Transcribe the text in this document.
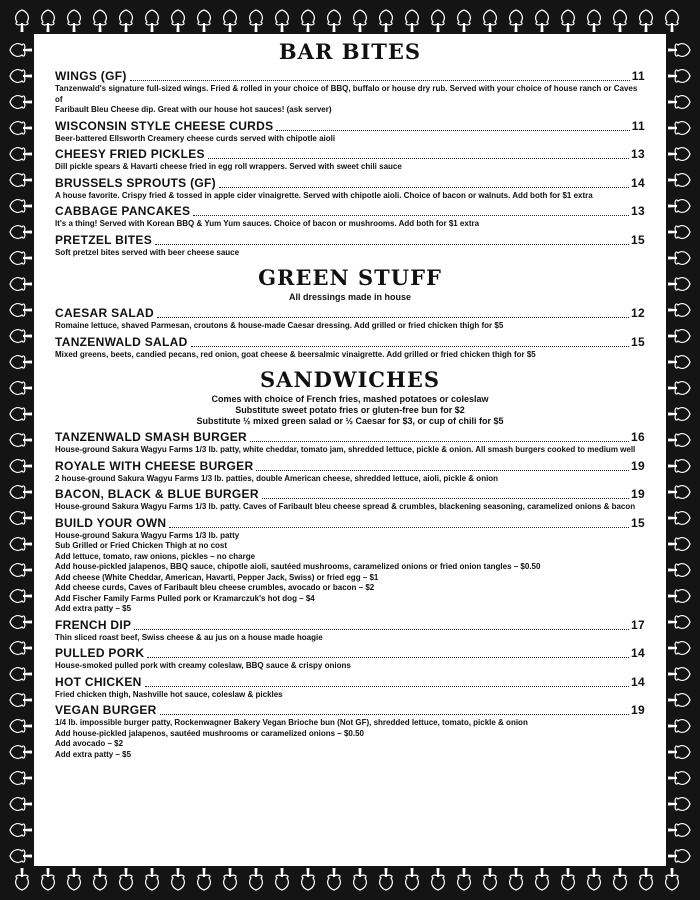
BAR BITES
WINGS (GF)	11
Tanzenwald's signature full-sized wings. Fried & rolled in your choice of BBQ, buffalo or house dry rub. Served with your choice of house ranch or Caves of
Faribault Bleu Cheese dip. Great with our house hot sauces! (ask server)
WISCONSIN STYLE CHEESE CURDS	11
Beer-battered Ellsworth Creamery cheese curds served with chipotle aioli
CHEESY FRIED PICKLES	13
Dill pickle spears & Havarti cheese fried in egg roll wrappers. Served with sweet chili sauce
BRUSSELS SPROUTS (GF)	14
A house favorite. Crispy fried & tossed in apple cider vinaigrette. Served with chipotle aioli. Choice of bacon or walnuts. Add both for $1 extra
CABBAGE PANCAKES	13
It's a thing! Served with Korean BBQ & Yum Yum sauces. Choice of bacon or mushrooms. Add both for $1 extra
PRETZEL BITES	15
Soft pretzel bites served with beer cheese sauce
GREEN STUFF
All dressings made in house
CAESAR SALAD	12
Romaine lettuce, shaved Parmesan, croutons & house-made Caesar dressing. Add grilled or fried chicken thigh for $5
TANZENWALD SALAD	15
Mixed greens, beets, candied pecans, red onion, goat cheese & beersalmic vinaigrette. Add grilled or fried chicken thigh for $5
SANDWICHES
Comes with choice of French fries, mashed potatoes or coleslaw
Substitute sweet potato fries or gluten-free bun for $2
Substitute ½ mixed green salad or ½ Caesar for $3, or cup of chili for $5
TANZENWALD SMASH BURGER	16
House-ground Sakura Wagyu Farms 1/3 lb. patty, white cheddar, tomato jam, shredded lettuce, pickle & onion. All smash burgers cooked to medium well
ROYALE WITH CHEESE BURGER	19
2 house-ground Sakura Wagyu Farms 1/3 lb. patties, double American cheese, shredded lettuce, aioli, pickle & onion
BACON, BLACK & BLUE BURGER	19
House-ground Sakura Wagyu Farms 1/3 lb. patty. Caves of Faribault bleu cheese spread & crumbles, blackening seasoning, caramelized onions & bacon
BUILD YOUR OWN	15
House-ground Sakura Wagyu Farms 1/3 lb. patty
Sub Grilled or Fried Chicken Thigh at no cost
Add lettuce, tomato, raw onions, pickles – no charge
Add house-pickled jalapenos, BBQ sauce, chipotle aioli, sautéed mushrooms, caramelized onions or fried onion tangles – $0.50
Add cheese (White Cheddar, American, Havarti, Pepper Jack, Swiss) or fried egg – $1
Add cheese curds, Caves of Faribault bleu cheese crumbles, avocado or bacon – $2
Add Fischer Family Farms Pulled pork or Kramarczuk's hot dog – $4
Add extra patty – $5
FRENCH DIP	17
Thin sliced roast beef, Swiss cheese & au jus on a house made hoagie
PULLED PORK	14
House-smoked pulled pork with creamy coleslaw, BBQ sauce & crispy onions
HOT CHICKEN	14
Fried chicken thigh, Nashville hot sauce, coleslaw & pickles
VEGAN BURGER	19
1/4 lb. impossible burger patty, Rockenwagner Bakery Vegan Brioche bun (Not GF), shredded lettuce, tomato, pickle & onion
Add house-pickled jalapenos, sautéed mushrooms or caramelized onions – $0.50
Add avocado – $2
Add extra patty – $5
